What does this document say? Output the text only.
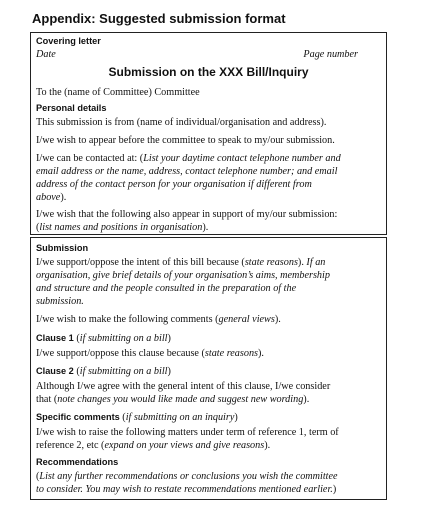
Appendix: Suggested submission format
Covering letter
Date	Page number
Submission on the XXX Bill/Inquiry
To the (name of Committee) Committee
Personal details
This submission is from (name of individual/organisation and address).
I/we wish to appear before the committee to speak to my/our submission.
I/we can be contacted at: (List your daytime contact telephone number and
email address or the name, address, contact telephone number; and email
address of the contact person for your organisation if different from
above).
I/we wish that the following also appear in support of my/our submission:
(list names and positions in organisation).
Submission
I/we support/oppose the intent of this bill because (state reasons). If an
organisation, give brief details of your organisation’s aims, membership
and structure and the people consulted in the preparation of the
submission.
I/we wish to make the following comments (general views).
Clause 1 (if submitting on a bill)
I/we support/oppose this clause because (state reasons).
Clause 2 (if submitting on a bill)
Although I/we agree with the general intent of this clause, I/we consider
that (note changes you would like made and suggest new wording).
Specific comments (if submitting on an inquiry)
I/we wish to raise the following matters under term of reference 1, term of
reference 2, etc (expand on your views and give reasons).
Recommendations
(List any further recommendations or conclusions you wish the committee
to consider. You may wish to restate recommendations mentioned earlier.)
